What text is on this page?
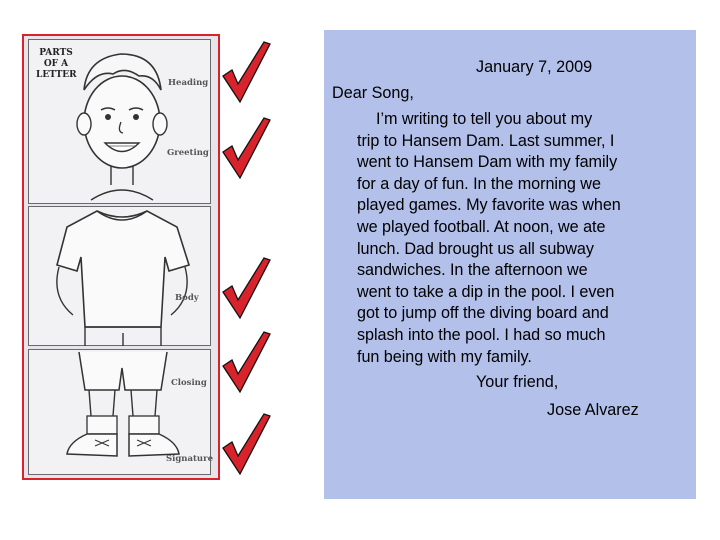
PARTS
OF A
LETTER
Heading
Greeting
Body
Closing
Signature
January 7, 2009
Dear Song,
I’m writing to tell you about my
trip to Hansem Dam. Last summer, I
went to Hansem Dam with my family
for a day of fun. In the morning we
played games. My favorite was when
we played football. At noon, we ate
lunch. Dad brought us all subway
sandwiches. In the afternoon we
went to take a dip in the pool. I even
got to jump off the diving board and
splash into the pool. I had so much
fun being with my family.
Your friend,
Jose Alvarez
